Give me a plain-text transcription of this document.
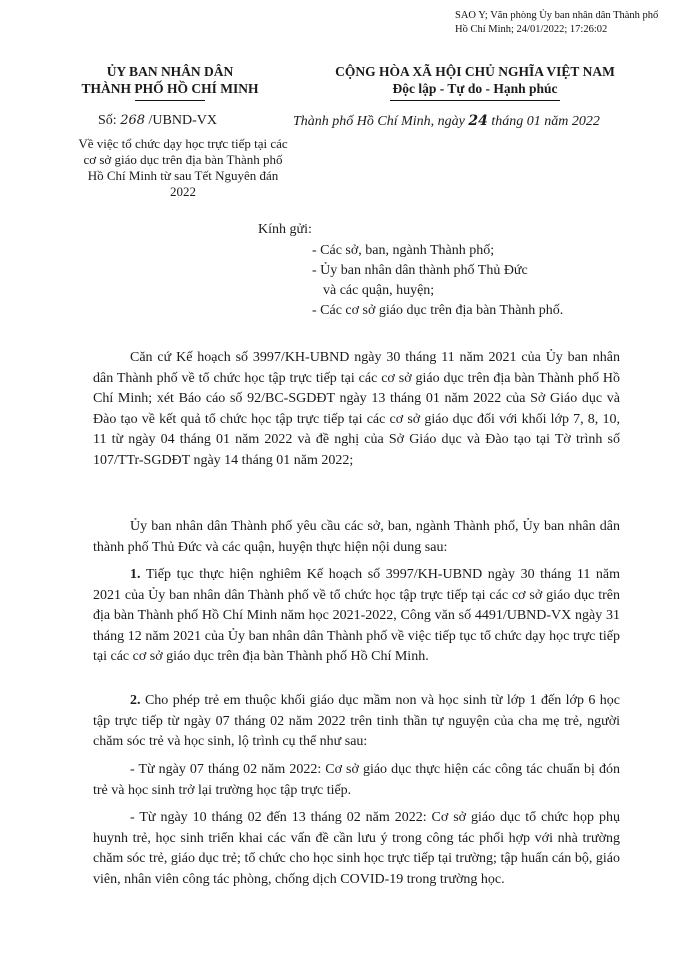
SAO Y; Văn phòng Ủy ban nhân dân Thành phố Hồ Chí Minh; 24/01/2022; 17:26:02
ỦY BAN NHÂN DÂN
THÀNH PHỐ HỒ CHÍ MINH
CỘNG HÒA XÃ HỘI CHỦ NGHĨA VIỆT NAM
Độc lập - Tự do - Hạnh phúc
Số: 268 /UBND-VX	Thành phố Hồ Chí Minh, ngày 24 tháng 01 năm 2022
Về việc tổ chức dạy học trực tiếp tại các cơ sở giáo dục trên địa bàn Thành phố Hồ Chí Minh từ sau Tết Nguyên đán 2022
Kính gửi:
- Các sở, ban, ngành Thành phố;
- Ủy ban nhân dân thành phố Thủ Đức
và các quận, huyện;
- Các cơ sở giáo dục trên địa bàn Thành phố.

Căn cứ Kế hoạch số 3997/KH-UBND ngày 30 tháng 11 năm 2021 của Ủy ban nhân dân Thành phố về tổ chức học tập trực tiếp tại các cơ sở giáo dục trên địa bàn Thành phố Hồ Chí Minh; xét Báo cáo số 92/BC-SGDĐT ngày 13 tháng 01 năm 2022 của Sở Giáo dục và Đào tạo về kết quả tổ chức học tập trực tiếp tại các cơ sở giáo dục đối với khối lớp 7, 8, 10, 11 từ ngày 04 tháng 01 năm 2022 và đề nghị của Sở Giáo dục và Đào tạo tại Tờ trình số 107/TTr-SGDĐT ngày 14 tháng 01 năm 2022;

Ủy ban nhân dân Thành phố yêu cầu các sở, ban, ngành Thành phố, Ủy ban nhân dân thành phố Thủ Đức và các quận, huyện thực hiện nội dung sau:

1. Tiếp tục thực hiện nghiêm Kế hoạch số 3997/KH-UBND ngày 30 tháng 11 năm 2021 của Ủy ban nhân dân Thành phố về tổ chức học tập trực tiếp tại các cơ sở giáo dục trên địa bàn Thành phố Hồ Chí Minh năm học 2021-2022, Công văn số 4491/UBND-VX ngày 31 tháng 12 năm 2021 của Ủy ban nhân dân Thành phố về việc tiếp tục tổ chức dạy học trực tiếp tại các cơ sở giáo dục trên địa bàn Thành phố Hồ Chí Minh.

2. Cho phép trẻ em thuộc khối giáo dục mầm non và học sinh từ lớp 1 đến lớp 6 học tập trực tiếp từ ngày 07 tháng 02 năm 2022 trên tinh thần tự nguyện của cha mẹ trẻ, người chăm sóc trẻ và học sinh, lộ trình cụ thể như sau:

- Từ ngày 07 tháng 02 năm 2022: Cơ sở giáo dục thực hiện các công tác chuẩn bị đón trẻ và học sinh trở lại trường học tập trực tiếp.

- Từ ngày 10 tháng 02 đến 13 tháng 02 năm 2022: Cơ sở giáo dục tổ chức họp phụ huynh trẻ, học sinh triển khai các vấn đề cần lưu ý trong công tác phối hợp với nhà trường chăm sóc trẻ, giáo dục trẻ; tổ chức cho học sinh học trực tiếp tại trường; tập huấn cán bộ, giáo viên, nhân viên công tác phòng, chống dịch COVID-19 trong trường học.
